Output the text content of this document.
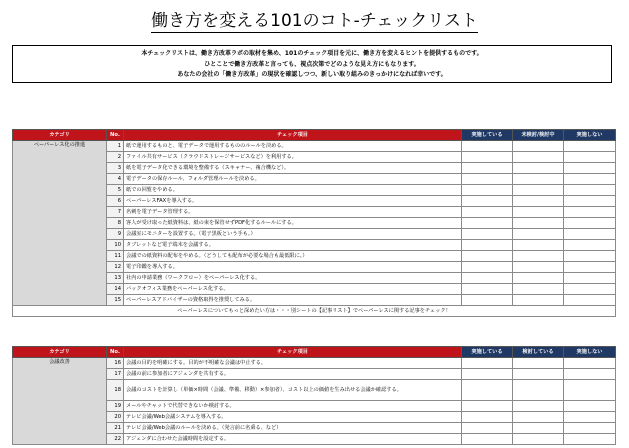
働き方を変える101のコト-チェックリスト
本チェックリストは、働き方改革ラボの取材を集め、101のチェック項目を元に、働き方を変えるヒントを提供するものです。
ひとことで働き方改革と言っても、視点次第でどのような見え方にもなります。
あなたの会社の「働き方改革」の現状を確認しつつ、新しい取り組みのきっかけになれば幸いです。
カテゴリ	No.	チェック項目	実施している	未検討/検討中	実施しない
ペーパーレス化の推進	1	紙で運用するものと、電子データで運用するもののルールを決める。			
	2	ファイル共有サービス（クラウドストレージサービスなど）を利用する。			
	3	紙を電子データ化できる環境を整備する（スキャナー、複合機など）。			
	4	電子データの保存ルール、フォルダ管理ルールを決める。			
	5	紙での回覧をやめる。			
	6	ペーパーレスFAXを導入する。			
	7	名刺を電子データ管理する。			
	8	客人が受け取った紙資料は、紙の束を保管せずPDF化するルールにする。			
	9	会議室にモニターを設置する。（電子黒板という手も。）			
	10	タブレットなど電子端末を会議する。			
	11	会議での紙資料の配布をやめる。（どうしても配布が必要な場合も最低限に。）			
	12	電子印鑑を導入する。			
	13	社内の申請業務（ワークフロー）をペーパーレス化する。			
	14	バックオフィス業務をペーパーレス化する。			
	15	ペーパーレスアドバイザーの資格取得を推奨してみる。			
ペーパーレスについてもっと深めたい方は・・・別シートの【記事リスト】でペーパーレスに関する記事をチェック！					
カテゴリ	No.	チェック項目	実施している	検討している	実施しない
会議改善	16	会議の目的を明確にする。目的が不明確な会議は中止する。			
	17	会議の前に参加者にアジェンダを共有する。			
	18	会議のコストを計算し（単価×時間（会議、準備、移動）×参加者）、コスト以上の価値を生み出せる会議か確認する。			
	19	メールやチャットで代替できないか検討する。			
	20	テレビ会議/Web会議システムを導入する。			
	21	テレビ会議/Web会議のルールを決める。（発言前に名乗る、など）			
	22	アジェンダに合わせた会議時間を設定する。			
